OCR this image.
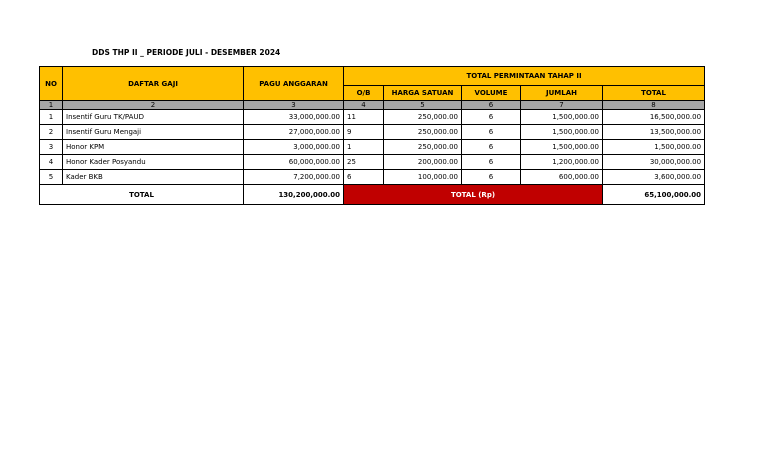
DDS THP II _ PERIODE JULI - DESEMBER 2024
NO	DAFTAR GAJI	PAGU ANGGARAN	TOTAL PERMINTAAN TAHAP II				
			O/B	HARGA SATUAN	VOLUME	JUMLAH	TOTAL
1	2	3	4	5	6	7	8
1	Insentif Guru TK/PAUD	33,000,000.00	11	250,000.00	6	1,500,000.00	16,500,000.00
2	Insentif Guru Mengaji	27,000,000.00	9	250,000.00	6	1,500,000.00	13,500,000.00
3	Honor KPM	3,000,000.00	1	250,000.00	6	1,500,000.00	1,500,000.00
4	Honor Kader Posyandu	60,000,000.00	25	200,000.00	6	1,200,000.00	30,000,000.00
5	Kader BKB	7,200,000.00	6	100,000.00	6	600,000.00	3,600,000.00
TOTAL		130,200,000.00	TOTAL (Rp)				65,100,000.00
